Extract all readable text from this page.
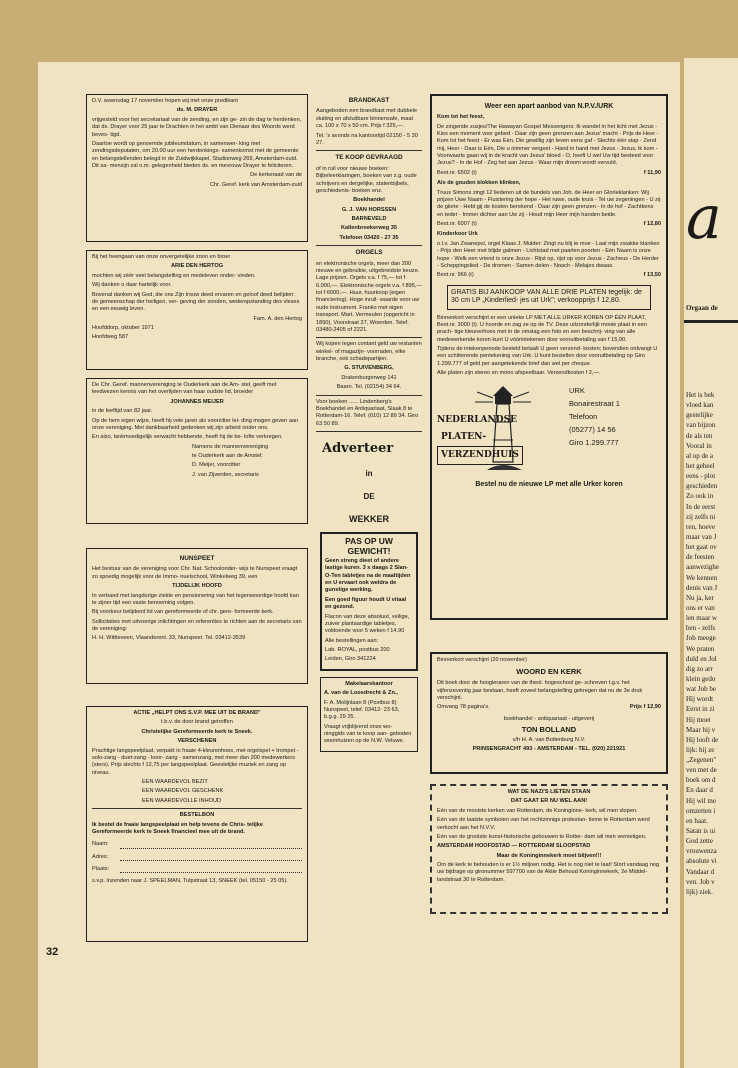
D.V. woensdag 17 november hopen wij met onze predikant

ds. M. DRAYER

vrijgesteld voor het secretariaat van de zending, en zijn ge- zin de dag te herdenken, dat ds. Drayer voor 25 jaar te Drachten in het ambt van Dienaar des Woords werd beves- tigd.

Daartoe wordt op genoemde jubileumdatum, in samenwer- king met zendingsdeputaten, om 20.00 uur een herdenkings- samenkomst met de gemeente en belangstellenden belegd in de Zuidwijkkapel, Stadionweg 269, Amsterdam-zuid. Dit sa- menzijn zal o.m. gelegenheid bieden ds. en mevrouw Drayer te feliciteren.

De kerkeraad van de

Chr. Geref. kerk van Amsterdam-zuid

Bij het heengaan van onze onvergetelijke zoon en broer

ARIE DEN HERTOG

mochten wij zéér veel belangstelling en medeleven onder- vinden.

Wij danken u daar hartelijk voor.

Bovenal danken wij God, die ons Zijn trouw deed ervaren en geloof deed belijden: de gemeenschap der heiligen, ver- geving der zonden, wederopstanding des vleses en een eeuwig leven.

Fam. A. den Hertog

Hoofddorp, oktober 1971

Hoofdweg 587

De Chr. Geref. mannenvereniging te Ouderkerk aan de Am- stel, geeft met leedwezen kennis van het overlijden van haar oudste lid, broeder

JOHANNES MEIJER

in de leeftijd van 82 jaar.

Op de hem eigen wijze, heeft hij vele jaren als voorzitter lei- ding mogen geven aan onze vereniging. Met dankbaarheid gedenken wij zijn arbeid onder ons.

En alzo, lankmoedigelijk verwacht hebbende, heeft hij de be- lofte verkregen.

Namens de mannenvereniging

te Ouderkerk aan de Amstel:

D. Meijer, voorzitter

J. van Zijverden, secretaris

NUNSPEET

Het bestuur van de vereniging voor Chr. Nat. Schoolonder- wijs te Nunspeet vraagt zo spoedig mogelijk voor de Immo- nuelschool, Winkelweg 39, een

TIJDELIJK HOOFD

In verband met langdurige ziekte en pensionering van het tegenwoordige hoofd kan te zijner tijd een vaste benoeming volgen.

Bij voorkeur belijdend lid van gereformeerde of chr. gere- formeerde kerk.

Sollicitaties met uitvoerige inlichtingen en referenties te richten aan de secretaris van de vereniging:

H. H. Wittteveen, Vlaanderenl. 33, Nunspeet. Tel. 03412-3539

ACTIE „HELPT ONS S.V.P. MEE UIT DE BRAND"

t.b.v. de door brand getroffen

Christelijke Gereformeerde kerk te Sneek.

VERSCHENEN

Prachtige langspeelplaat, verpakt in fraaie 4-kleurenhoes, met orgelspel + trompet - solo-zang - duet-zang - koor- zang - samenzang, met meer dan 200 medewerkers (sters). Prijs slechts f 12,75 per langspeelplaat. Geestelijke muziek en zang op niveau.

EEN WAARDEVOL BEZIT

EEN WAARDEVOL GESCHENK

EEN WAARDEVOLLE INHOUD

BESTELBON

Ik bestel de fraaie langspeelplaat en help tevens de Chris- telijke Gereformeerde kerk te Sneek financieel mee uit de brand.

Naam:
Adres:
Plaats:

s.v.p. inzenden naar J. SPEELMAN, Tulpstraat 13, SNEEK (tel. 05150 - 25 05).

BRANDKAST

Aangeboden een brandkast met dubbele sluiting en afsluitbare binnensafe, maat ca. 100 x 70 x 50 cm. Prijs f 325,—.

Tel. 's avonds na kantoortijd 02150 - 5 30 27.

TE KOOP GEVRAAGD

of in ruil voor nieuwe boeken: Bijbelverklaringen, boeken van z.g. oude schrijvers en dergelijke, statenbijbels, geschiedenis- boeken enz.

Boekhandel

G. J. VAN HORSSEN

BARNEVELD

Kallenbroekerweg 35

Telefoon 03420 - 27 35

ORGELS

en elektronische orgels, meer dan 200 nieuwe en gebruikte, uitgebreidste keuze. Lage prijzen. Orgels v.a. f 75,— tot f 6.000,—. Elektronische orgels v.a. f 895,— tot f 6000,—. Huur, huurkoop (eigen financiering). Hoge inruil- waarde voor uw oude instrument. Franko met eigen transport. Mart. Vermeulen (opgericht in 1890), Voorstraat 27, Woerden. Telef. 03480-2405 of 2221.

Wij kopen tegen contant geld uw restanten winkel- of magazijn- voorraden, elke branche, ook schadepartijen.

G. STUIVENBERG,

Drakenburgerweg 141

Baarn. Tel. (02154) 34 64.

Voor boeken ...... Lindenberg's Boekhandel en Antiquariaat, Slaak 8 te Rotterdam-16. Telef. (010) 12 89 34. Giro 63 50 89.

Adverteer
in
DE
WEKKER

PAS OP UW GEWICHT!

Geen streng dieet of andere lastige kuren. 3 x daags 2 Slan-O-Ten tabletjes na de maaltijden en U ervaart ook weldra de gunstige werking.

Een goed figuur houdt U vitaal en gezond.

Flacon van deze absoluut, veilige, zuiver plantaardige tabletjes, voldoende voor 5 weken f 14.90

Alle bestellingen aan:

Lab. ROYAL, postbus 200

Leiden, Giro 341224

Makelaarskantoor

A. van de Loosdrecht & Zn.,

F. A. Molijnlaan 8 (Postbus 8) Nunspeet, telef. 03412- 23 63, b.g.g. 29 25.

Vraagt vrijblijvend onze wo- ninggids van te koop aan- geboden woonhuizen op de N.W. Veluwe.

Weer een apart aanbod van N.P.V./URK

Kom tot het feest,

De zingende zusjes/The Hawayan Gospel Messengers: Ik wandel in het licht met Jezus - Kies een moment voor gebed - Daar zijn geen grenzen aan Jezus' macht - Prijs de Heer - Kom tot het feest - Er was Eén, Die gewillig zijn leven eens gaf - Slechts één stap - Zend mij, Heer - Daar is Eén, Die u nimmer vergeet - Hand in hand met Jezus - Jezus, ik kom - Voorwaarts gaan wij in de kracht van Jezus' bloed - O, heeft U wel Uw tijd besteed voor Jezus? - In de Hof - Zeg het aan Jezus - Waar mijn droom wordt vervuld.

Best.nr. 6502 (t)	f 11,90

Als de gouden klokken klinken,

Truus Simons zingt 12 liederen uit de bundels van Joh. de Heer en Glorieklanken: Wij prijzen Uwe Naam - Fluistering der hope - Het ruwe, oude kruis - Tel uw zegeningen - U zij de glorie - Hebt gij de kosten berekend - Daar zijn geen grenzen - In de hof - Zachtkens en teder - Immer dichter aan Uw zij - Houd mijn Heer mijn handen beide.

Best.nr. 6007 (t)	f 12,80

Kinderkoor Urk

o.l.v. Jan Zwanepol, orgel Klaas J. Mulder: Zingt nu blij te moe - Laat mijn zwakke klanken - Prijs den Heer met blijde galmen - Lichtstad met paarlen poorten - Eén Naam is onze hope - Welk een vriend is onze Jezus - Rijst op, rijst op voor Jezus - Zacheus - De Herder - Scheppingslied - De dromen - Samen delen - Noach - Melajes dwaas.

Best.nr. 966 (t)	f 13,50
GRATIS BIJ AANKOOP VAN ALLE DRIE PLATEN tegelijk: de 30 cm LP „Kinderlied- jes uit Urk"; verkoopprijs f 12,80.

Binnenkort verschijnt er een unieke LP MET ALLE URKER KOREN OP ÉÉN PLAAT, Best.nr. 3000 (t). U hoorde en zag ze op de TV. Deze uitzonderlijk mooie plaat in een prach- tige kleurenhoes met in de omslag een foto en een beschrij- ving van alle medewerkende koren kunt U vóórintekenen door vooruitbetaling van f 15,90.

Tijdens de intekenperiode besteld betaalt U geen verzend- kosten; bovendien ontvangt U een schitterende pentekening van Urk. U kunt bestellen door vooruitbetaling op Giro 1.299.777 of geld per aangetekende brief dan wel per cheque.

Alle platen zijn stereo en mono afspeelbaar. Verzendkosten f 2,—.

NEDERLANDSE
PLATEN-
VERZENDHUIS
URK
Bonairestraat 1
Telefoon
(05277) 14 56
Giro 1.299.777

Bestel nu de nieuwe LP met alle Urker koren

Binnenkort verschijnt (20 november)

WOORD EN KERK

Dit boek door de hoogleraren van de theol. hogeschool ge- schreven t.g.v. het vijfenzeventig jaar bestaan, heeft zoveel belangstelling gekregen dat nu de 3e druk verschijnt.

Omvang 78 pagina's.	Prijs f 12,90

boekhandel - antiquariaat - uitgeverij

TON BOLLAND

v/h H. A. van Bottenburg N.V.

PRINSENGRACHT 493 - AMSTERDAM - TEL. (020) 221921

WAT DE NAZI'S LIETEN STAAN

DAT GAAT ER NU WEL AAN!

Eén van de mooiste kerken van Rotterdam, de Koninginne- kerk, wil men slopen.

Eén van de laatste symbolen van het rechtzinnige protestan- tisme te Rotterdam werd verkocht aan het N.V.V.

Eén van de grootste kunst-historische gebouwen te Rotter- dam wil men vernietigen.

AMSTERDAM HOOFDSTAD — ROTTERDAM SLOOPSTAD

Maar de Koninginnekerk moet blijven!!!

Om de kerk te behouden is er 1½ miljoen nodig. Het is nog niet te laat! Stort vandaag nog uw bijdrage op gironummer 597700 van de Aktie Behoud Koninginnekerk, 2e Middel- landstraat 30 te Rotterdam.

32
a
Orgaan de

Het is bek

vloed kan

gestelijke

van bijzon

de als ten

Vooral in

al op de a

het geheel

eens - plot

geschieden

Zo ook in

In de eerst

zij zelfs ni

ren, hoeve

maar van J

het gaat ov

de feesten

aanwezighe

We kennen

denis van J

Nu ja, ker

ons er van

len maar w

ben - zelfs

Job meege

We praten

duld en Jol

dig zo arr

klein gedo

wat Job be

Hij wordt

Eerst in zi

Hij moet

Maar hij v

Hij looft de

lijk: hij ze

„Zegenen"

ven met de

boek om d

En daar d

Hij wil me

omzetten i

en haat.

Satan is ui

God zette

vrouwenza

absolute vi

Vandaar d

ven. Job v

lijk) ziek.
